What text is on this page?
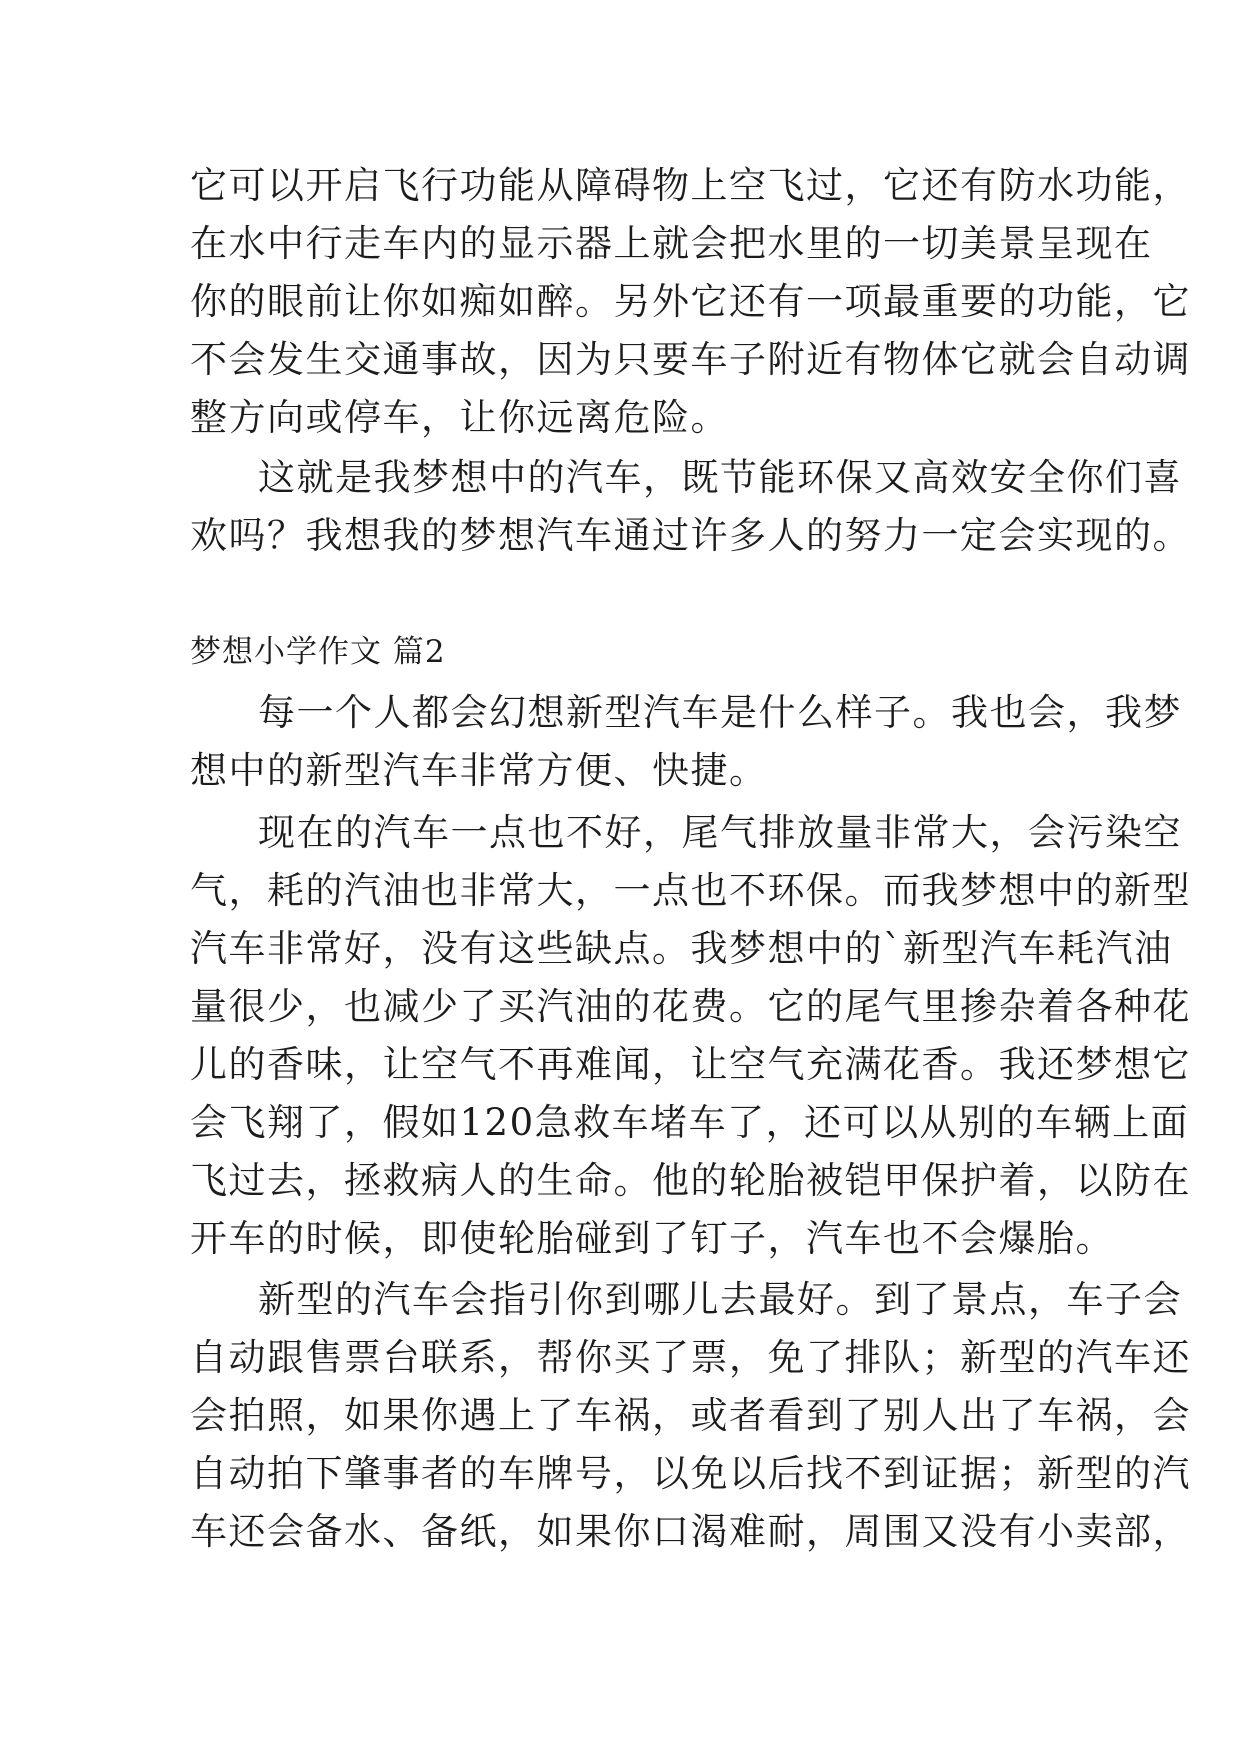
它可以开启飞行功能从障碍物上空飞过，它还有防水功能，
在水中行走车内的显示器上就会把水里的一切美景呈现在
你的眼前让你如痴如醉。另外它还有一项最重要的功能，它
不会发生交通事故，因为只要车子附近有物体它就会自动调
整方向或停车，让你远离危险。
这就是我梦想中的汽车，既节能环保又高效安全你们喜
欢吗？我想我的梦想汽车通过许多人的努力一定会实现的。
梦想小学作文 篇2
每一个人都会幻想新型汽车是什么样子。我也会，我梦
想中的新型汽车非常方便、快捷。
现在的汽车一点也不好，尾气排放量非常大，会污染空
气，耗的汽油也非常大，一点也不环保。而我梦想中的新型
汽车非常好，没有这些缺点。我梦想中的`新型汽车耗汽油
量很少，也减少了买汽油的花费。它的尾气里掺杂着各种花
儿的香味，让空气不再难闻，让空气充满花香。我还梦想它
会飞翔了，假如120急救车堵车了，还可以从别的车辆上面
飞过去，拯救病人的生命。他的轮胎被铠甲保护着，以防在
开车的时候，即使轮胎碰到了钉子，汽车也不会爆胎。
新型的汽车会指引你到哪儿去最好。到了景点，车子会
自动跟售票台联系，帮你买了票，免了排队；新型的汽车还
会拍照，如果你遇上了车祸，或者看到了别人出了车祸，会
自动拍下肇事者的车牌号，以免以后找不到证据；新型的汽
车还会备水、备纸，如果你口渴难耐，周围又没有小卖部，
